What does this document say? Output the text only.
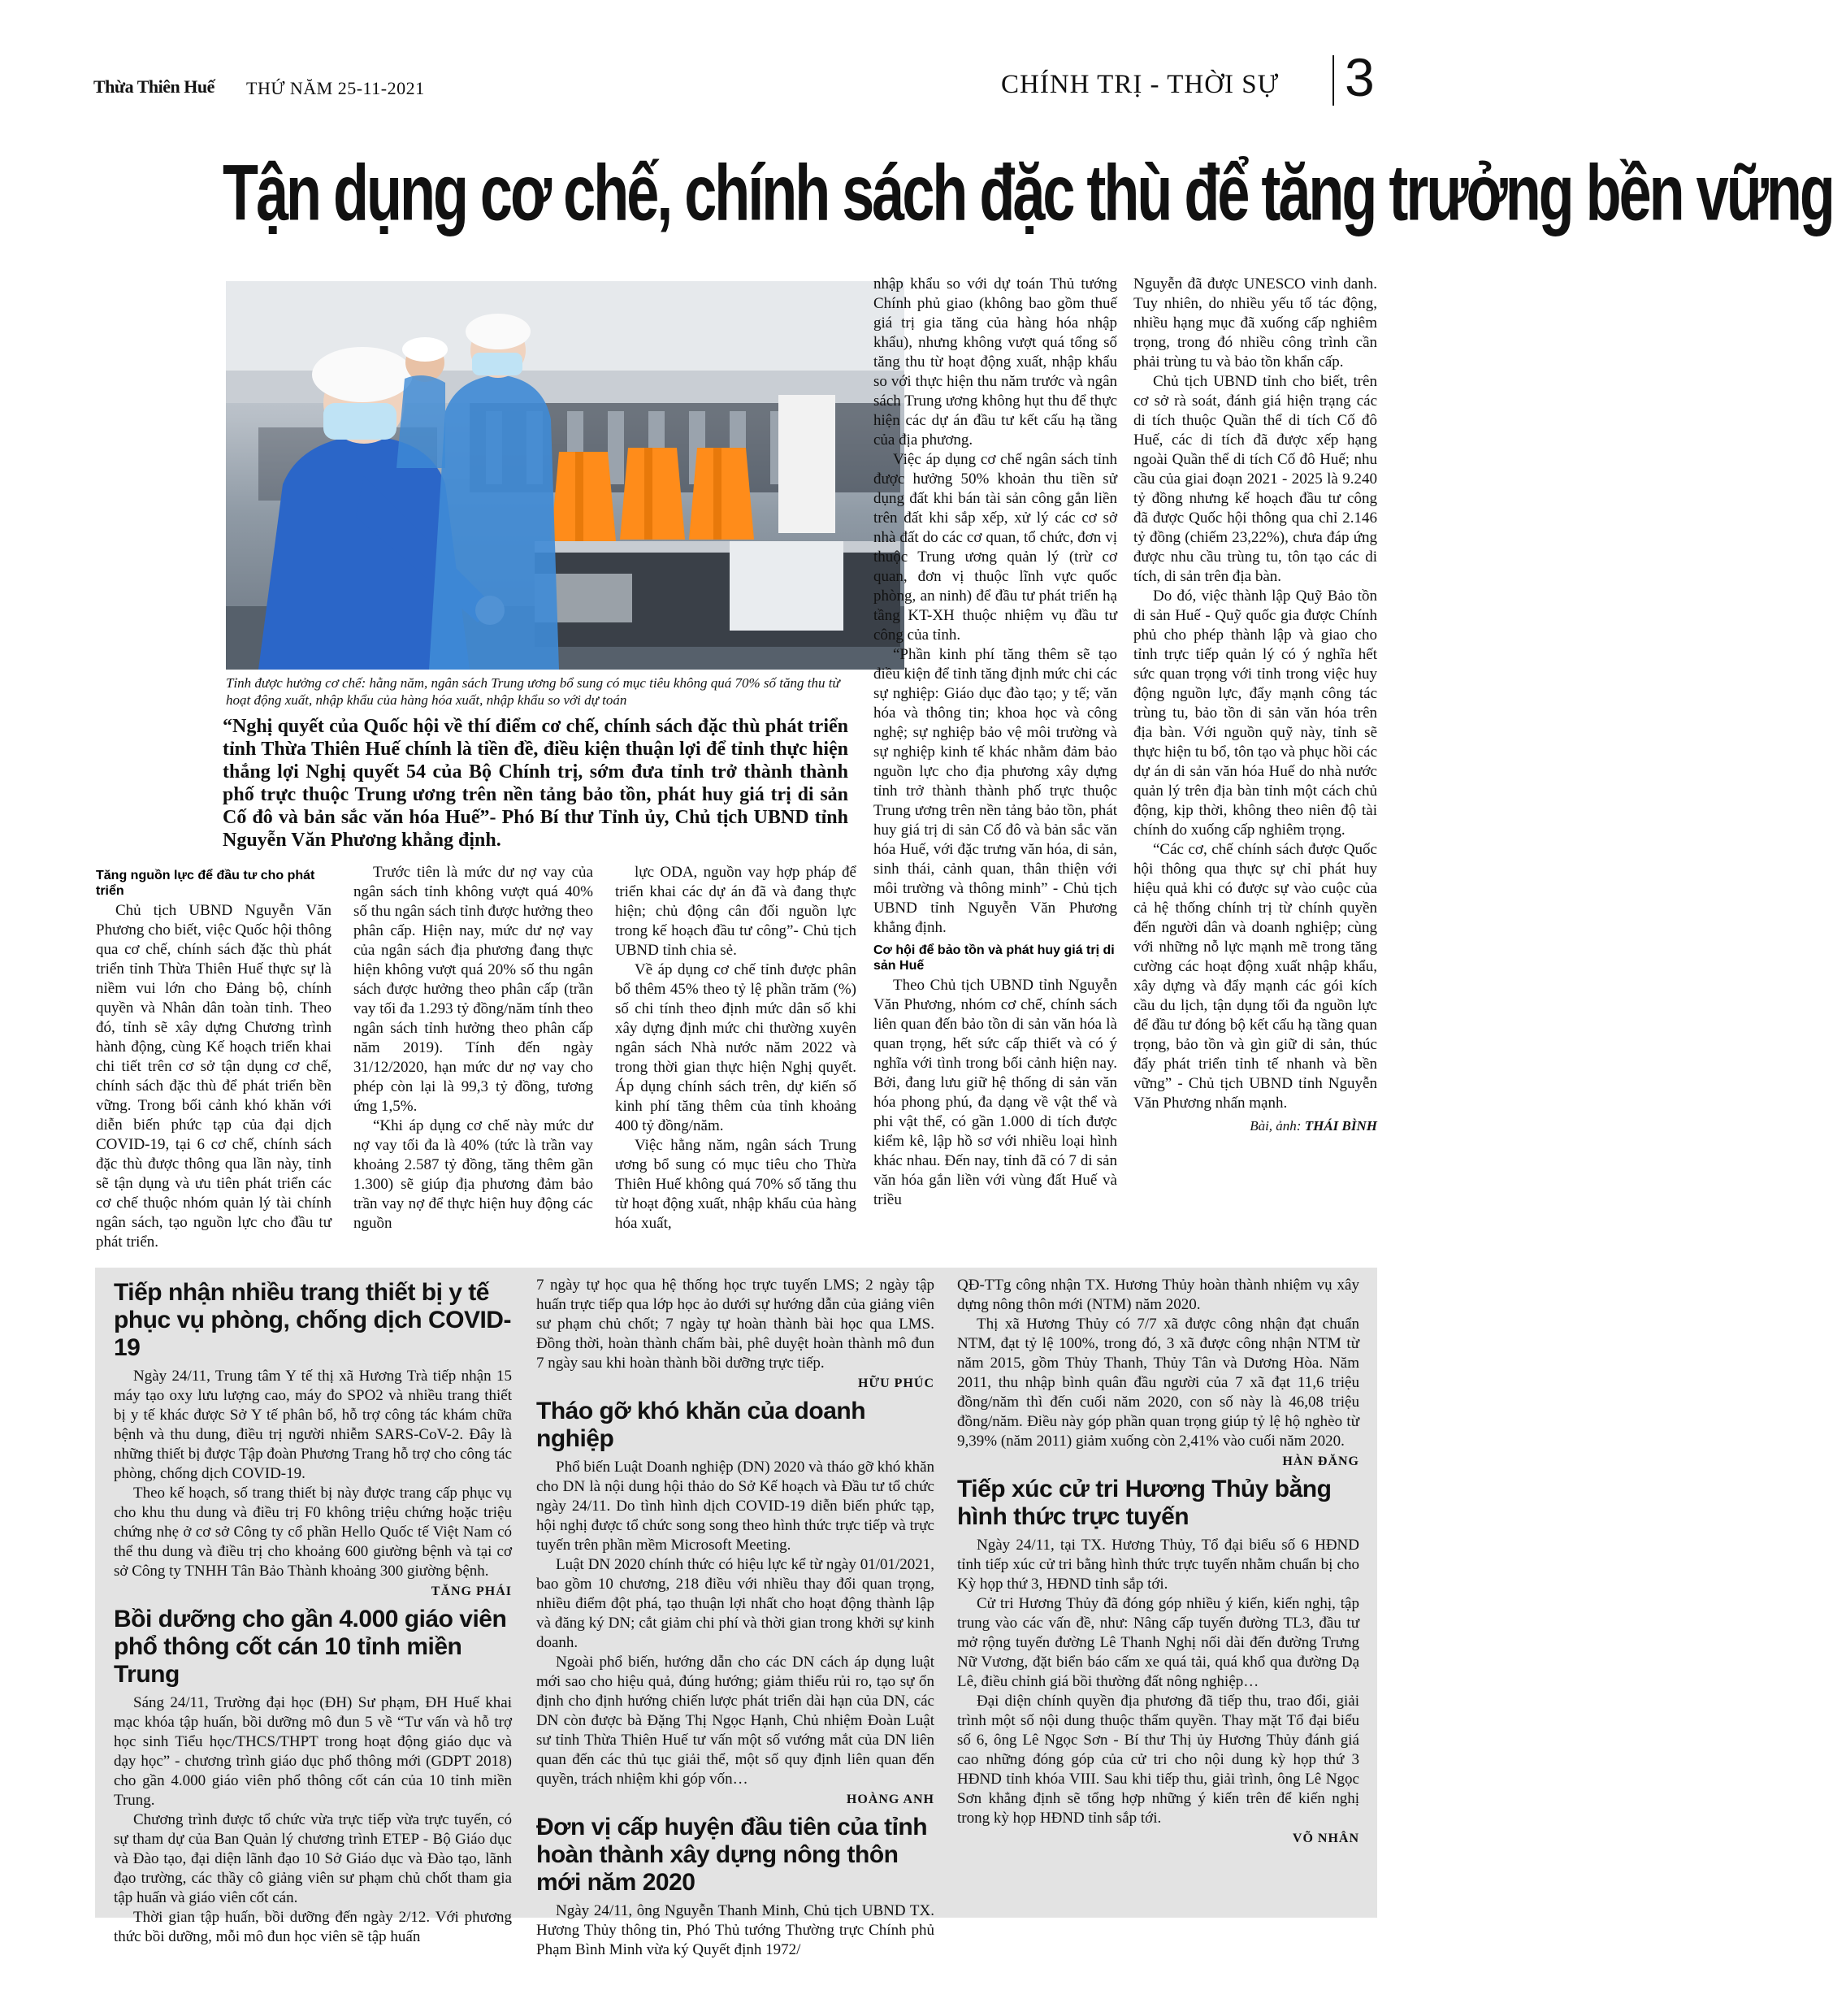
Thừa Thiên Huế THỨ NĂM 25-11-2021	CHÍNH TRỊ - THỜI SỰ	3
Tận dụng cơ chế, chính sách đặc thù để tăng trưởng bền vững
Tỉnh được hưởng cơ chế: hằng năm, ngân sách Trung ương bổ sung có mục tiêu không quá 70% số tăng thu từ hoạt động xuất, nhập khẩu của hàng hóa xuất, nhập khẩu so với dự toán
“Nghị quyết của Quốc hội về thí điểm cơ chế, chính sách đặc thù phát triển tỉnh Thừa Thiên Huế chính là tiền đề, điều kiện thuận lợi để tỉnh thực hiện thắng lợi Nghị quyết 54 của Bộ Chính trị, sớm đưa tỉnh trở thành thành phố trực thuộc Trung ương trên nền tảng bảo tồn, phát huy giá trị di sản Cố đô và bản sắc văn hóa Huế”- Phó Bí thư Tỉnh ủy, Chủ tịch UBND tỉnh Nguyễn Văn Phương khẳng định.
Tăng nguồn lực để đầu tư cho phát triển

Chủ tịch UBND Nguyễn Văn Phương cho biết, việc Quốc hội thông qua cơ chế, chính sách đặc thù phát triển tỉnh Thừa Thiên Huế thực sự là niềm vui lớn cho Đảng bộ, chính quyền và Nhân dân toàn tỉnh. Theo đó, tỉnh sẽ xây dựng Chương trình hành động, cùng Kế hoạch triển khai chi tiết trên cơ sở tận dụng cơ chế, chính sách đặc thù để phát triển bền vững. Trong bối cảnh khó khăn với diễn biến phức tạp của đại dịch COVID-19, tại 6 cơ chế, chính sách đặc thù được thông qua lần này, tỉnh sẽ tận dụng và ưu tiên phát triển các cơ chế thuộc nhóm quản lý tài chính ngân sách, tạo nguồn lực cho đầu tư phát triển.

Trước tiên là mức dư nợ vay của ngân sách tỉnh không vượt quá 40% số thu ngân sách tỉnh được hưởng theo phân cấp. Hiện nay, mức dư nợ vay của ngân sách địa phương đang thực hiện không vượt quá 20% số thu ngân sách được hưởng theo phân cấp (trần vay tối đa 1.293 tỷ đồng/năm tính theo ngân sách tỉnh hưởng theo phân cấp năm 2019). Tính đến ngày 31/12/2020, hạn mức dư nợ vay cho phép còn lại là 99,3 tỷ đồng, tương ứng 1,5%.

“Khi áp dụng cơ chế này mức dư nợ vay tối đa là 40% (tức là trần vay khoảng 2.587 tỷ đồng, tăng thêm gần 1.300) sẽ giúp địa phương đảm bảo trần vay nợ để thực hiện huy động các nguồn

lực ODA, nguồn vay hợp pháp để triển khai các dự án đã và đang thực hiện; chủ động cân đối nguồn lực trong kế hoạch đầu tư công”- Chủ tịch UBND tỉnh chia sẻ.

Về áp dụng cơ chế tỉnh được phân bổ thêm 45% theo tỷ lệ phần trăm (%) số chi tính theo định mức dân số khi xây dựng định mức chi thường xuyên ngân sách Nhà nước năm 2022 và trong thời gian thực hiện Nghị quyết. Áp dụng chính sách trên, dự kiến số kinh phí tăng thêm của tỉnh khoảng 400 tỷ đồng/năm.

Việc hằng năm, ngân sách Trung ương bổ sung có mục tiêu cho Thừa Thiên Huế không quá 70% số tăng thu từ hoạt động xuất, nhập khẩu của hàng hóa xuất,

nhập khẩu so với dự toán Thủ tướng Chính phủ giao (không bao gồm thuế giá trị gia tăng của hàng hóa nhập khẩu), nhưng không vượt quá tổng số tăng thu từ hoạt động xuất, nhập khẩu so với thực hiện thu năm trước và ngân sách Trung ương không hụt thu để thực hiện các dự án đầu tư kết cấu hạ tầng của địa phương.

Việc áp dụng cơ chế ngân sách tỉnh được hưởng 50% khoản thu tiền sử dụng đất khi bán tài sản công gắn liền trên đất khi sắp xếp, xử lý các cơ sở nhà đất do các cơ quan, tổ chức, đơn vị thuộc Trung ương quản lý (trừ cơ quan, đơn vị thuộc lĩnh vực quốc phòng, an ninh) để đầu tư phát triển hạ tầng KT-XH thuộc nhiệm vụ đầu tư công của tỉnh.

“Phần kinh phí tăng thêm sẽ tạo điều kiện để tỉnh tăng định mức chi các sự nghiệp: Giáo dục đào tạo; y tế; văn hóa và thông tin; khoa học và công nghệ; sự nghiệp bảo vệ môi trường và sự nghiệp kinh tế khác nhằm đảm bảo nguồn lực cho địa phương xây dựng tỉnh trở thành thành phố trực thuộc Trung ương trên nền tảng bảo tồn, phát huy giá trị di sản Cố đô và bản sắc văn hóa Huế, với đặc trưng văn hóa, di sản, sinh thái, cảnh quan, thân thiện với môi trường và thông minh” - Chủ tịch UBND tỉnh Nguyễn Văn Phương khẳng định.

Cơ hội để bảo tồn và phát huy giá trị di sản Huế

Theo Chủ tịch UBND tỉnh Nguyễn Văn Phương, nhóm cơ chế, chính sách liên quan đến bảo tồn di sản văn hóa là quan trọng, hết sức cấp thiết và có ý nghĩa với tình trong bối cảnh hiện nay. Bởi, đang lưu giữ hệ thống di sản văn hóa phong phú, đa dạng về vật thể và phi vật thể, có gần 1.000 di tích được kiểm kê, lập hồ sơ với nhiều loại hình khác nhau. Đến nay, tỉnh đã có 7 di sản văn hóa gắn liền với vùng đất Huế và triều

Nguyễn đã được UNESCO vinh danh. Tuy nhiên, do nhiều yếu tố tác động, nhiều hạng mục đã xuống cấp nghiêm trọng, trong đó nhiều công trình cần phải trùng tu và bảo tồn khẩn cấp.

Chủ tịch UBND tỉnh cho biết, trên cơ sở rà soát, đánh giá hiện trạng các di tích thuộc Quần thể di tích Cố đô Huế, các di tích đã được xếp hạng ngoài Quần thể di tích Cố đô Huế; nhu cầu của giai đoạn 2021 - 2025 là 9.240 tỷ đồng nhưng kế hoạch đầu tư công đã được Quốc hội thông qua chỉ 2.146 tỷ đồng (chiếm 23,22%), chưa đáp ứng được nhu cầu trùng tu, tôn tạo các di tích, di sản trên địa bàn.

Do đó, việc thành lập Quỹ Bảo tồn di sản Huế - Quỹ quốc gia được Chính phủ cho phép thành lập và giao cho tỉnh trực tiếp quản lý có ý nghĩa hết sức quan trọng với tỉnh trong việc huy động nguồn lực, đẩy mạnh công tác trùng tu, bảo tồn di sản văn hóa trên địa bàn. Với nguồn quỹ này, tỉnh sẽ thực hiện tu bổ, tôn tạo và phục hồi các dự án di sản văn hóa Huế do nhà nước quản lý trên địa bàn tỉnh một cách chủ động, kịp thời, không theo niên độ tài chính do xuống cấp nghiêm trọng.

“Các cơ, chế chính sách được Quốc hội thông qua thực sự chỉ phát huy hiệu quả khi có được sự vào cuộc của cả hệ thống chính trị từ chính quyền đến người dân và doanh nghiệp; cùng với những nỗ lực mạnh mẽ trong tăng cường các hoạt động xuất nhập khẩu, xây dựng và đẩy mạnh các gói kích cầu du lịch, tận dụng tối đa nguồn lực để đầu tư đóng bộ kết cấu hạ tầng quan trọng, bảo tồn và gìn giữ di sản, thúc đẩy phát triển tỉnh tế nhanh và bền vững” - Chủ tịch UBND tỉnh Nguyễn Văn Phương nhấn mạnh.

Bài, ảnh: THÁI BÌNH
Tiếp nhận nhiều trang thiết bị y tế phục vụ phòng, chống dịch COVID-19

Ngày 24/11, Trung tâm Y tế thị xã Hương Trà tiếp nhận 15 máy tạo oxy lưu lượng cao, máy đo SPO2 và nhiều trang thiết bị y tế khác được Sở Y tế phân bổ, hỗ trợ công tác khám chữa bệnh và thu dung, điều trị người nhiễm SARS-CoV-2. Đây là những thiết bị được Tập đoàn Phương Trang hỗ trợ cho công tác phòng, chống dịch COVID-19.

Theo kế hoạch, số trang thiết bị này được trang cấp phục vụ cho khu thu dung và điều trị F0 không triệu chứng hoặc triệu chứng nhẹ ở cơ sở Công ty cổ phần Hello Quốc tế Việt Nam có thể thu dung và điều trị cho khoảng 600 giường bệnh và tại cơ sở Công ty TNHH Tân Bảo Thành khoảng 300 giường bệnh.

TĂNG PHÁI
Bồi dưỡng cho gần 4.000 giáo viên phổ thông cốt cán 10 tỉnh miền Trung

Sáng 24/11, Trường đại học (ĐH) Sư phạm, ĐH Huế khai mạc khóa tập huấn, bồi dưỡng mô đun 5 về “Tư vấn và hỗ trợ học sinh Tiểu học/THCS/THPT trong hoạt động giáo dục và dạy học” - chương trình giáo dục phổ thông mới (GDPT 2018) cho gần 4.000 giáo viên phổ thông cốt cán của 10 tỉnh miền Trung.

Chương trình được tổ chức vừa trực tiếp vừa trực tuyến, có sự tham dự của Ban Quản lý chương trình ETEP - Bộ Giáo dục và Đào tạo, đại diện lãnh đạo 10 Sở Giáo dục và Đào tạo, lãnh đạo trường, các thầy cô giảng viên sư phạm chủ chốt tham gia tập huấn và giáo viên cốt cán.

Thời gian tập huấn, bồi dưỡng đến ngày 2/12. Với phương thức bồi dưỡng, mỗi mô đun học viên sẽ tập huấn

7 ngày tự học qua hệ thống học trực tuyến LMS; 2 ngày tập huấn trực tiếp qua lớp học ảo dưới sự hướng dẫn của giảng viên sư phạm chủ chốt; 7 ngày tự hoàn thành bài học qua LMS. Đồng thời, hoàn thành chấm bài, phê duyệt hoàn thành mô đun 7 ngày sau khi hoàn thành bồi dưỡng trực tiếp.

HỮU PHÚC
Tháo gỡ khó khăn của doanh nghiệp

Phổ biến Luật Doanh nghiệp (DN) 2020 và tháo gỡ khó khăn cho DN là nội dung hội thảo do Sở Kế hoạch và Đầu tư tổ chức ngày 24/11. Do tình hình dịch COVID-19 diễn biến phức tạp, hội nghị được tổ chức song song theo hình thức trực tiếp và trực tuyến trên phần mềm Microsoft Meeting.

Luật DN 2020 chính thức có hiệu lực kể từ ngày 01/01/2021, bao gồm 10 chương, 218 điều với nhiều thay đổi quan trọng, nhiều điểm đột phá, tạo thuận lợi nhất cho hoạt động thành lập và đăng ký DN; cắt giảm chi phí và thời gian trong khởi sự kinh doanh.

Ngoài phổ biến, hướng dẫn cho các DN cách áp dụng luật mới sao cho hiệu quả, đúng hướng; giảm thiểu rủi ro, tạo sự ổn định cho định hướng chiến lược phát triển dài hạn của DN, các DN còn được bà Đặng Thị Ngọc Hạnh, Chủ nhiệm Đoàn Luật sư tỉnh Thừa Thiên Huế tư vấn một số vướng mắt của DN liên quan đến các thủ tục giải thể, một số quy định liên quan đến quyền, trách nhiệm khi góp vốn…

HOÀNG ANH
Đơn vị cấp huyện đầu tiên của tỉnh hoàn thành xây dựng nông thôn mới năm 2020

Ngày 24/11, ông Nguyễn Thanh Minh, Chủ tịch UBND TX. Hương Thủy thông tin, Phó Thủ tướng Thường trực Chính phủ Phạm Bình Minh vừa ký Quyết định 1972/

QĐ-TTg công nhận TX. Hương Thủy hoàn thành nhiệm vụ xây dựng nông thôn mới (NTM) năm 2020.

Thị xã Hương Thủy có 7/7 xã được công nhận đạt chuẩn NTM, đạt tỷ lệ 100%, trong đó, 3 xã được công nhận NTM từ năm 2015, gồm Thủy Thanh, Thủy Tân và Dương Hòa. Năm 2011, thu nhập bình quân đầu người của 7 xã đạt 11,6 triệu đồng/năm thì đến cuối năm 2020, con số này là 46,08 triệu đồng/năm. Điều này góp phần quan trọng giúp tỷ lệ hộ nghèo từ 9,39% (năm 2011) giảm xuống còn 2,41% vào cuối năm 2020.

HÀN ĐĂNG
Tiếp xúc cử tri Hương Thủy bằng hình thức trực tuyến

Ngày 24/11, tại TX. Hương Thủy, Tổ đại biểu số 6 HĐND tỉnh tiếp xúc cử tri bằng hình thức trực tuyến nhằm chuẩn bị cho Kỳ họp thứ 3, HĐND tỉnh sắp tới.

Cử tri Hương Thủy đã đóng góp nhiều ý kiến, kiến nghị, tập trung vào các vấn đề, như: Nâng cấp tuyến đường TL3, đầu tư mở rộng tuyến đường Lê Thanh Nghị nối dài đến đường Trưng Nữ Vương, đặt biển báo cấm xe quá tải, quá khổ qua đường Dạ Lê, điều chỉnh giá bồi thường đất nông nghiệp…

Đại diện chính quyền địa phương đã tiếp thu, trao đổi, giải trình một số nội dung thuộc thẩm quyền. Thay mặt Tổ đại biểu số 6, ông Lê Ngọc Sơn - Bí thư Thị ủy Hương Thủy đánh giá cao những đóng góp của cử tri cho nội dung kỳ họp thứ 3 HĐND tỉnh khóa VIII. Sau khi tiếp thu, giải trình, ông Lê Ngọc Sơn khẳng định sẽ tổng hợp những ý kiến trên để kiến nghị trong kỳ họp HĐND tỉnh sắp tới.

VÕ NHÂN
